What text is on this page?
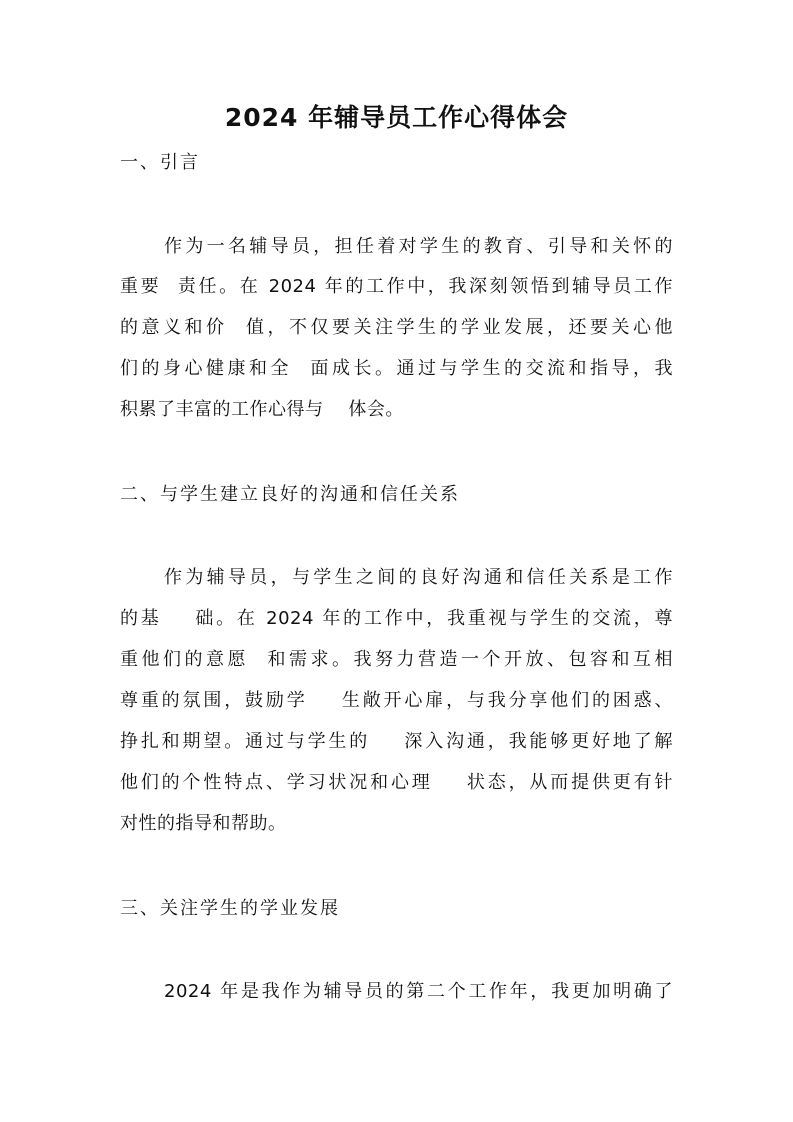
2024 年辅导员工作心得体会
一、引言
作为一名辅导员，担任着对学生的教育、引导和关怀的
重要  责任。在 2024 年的工作中，我深刻领悟到辅导员工作
的意义和价  值，不仅要关注学生的学业发展，还要关心他
们的身心健康和全  面成长。通过与学生的交流和指导，我
积累了丰富的工作心得与    体会。
二、与学生建立良好的沟通和信任关系
作为辅导员，与学生之间的良好沟通和信任关系是工作
的基    础。在 2024 年的工作中，我重视与学生的交流，尊
重他们的意愿  和需求。我努力营造一个开放、包容和互相
尊重的氛围，鼓励学    生敞开心扉，与我分享他们的困惑、
挣扎和期望。通过与学生的    深入沟通，我能够更好地了解
他们的个性特点、学习状况和心理    状态，从而提供更有针
对性的指导和帮助。
三、关注学生的学业发展
2024 年是我作为辅导员的第二个工作年，我更加明确了
